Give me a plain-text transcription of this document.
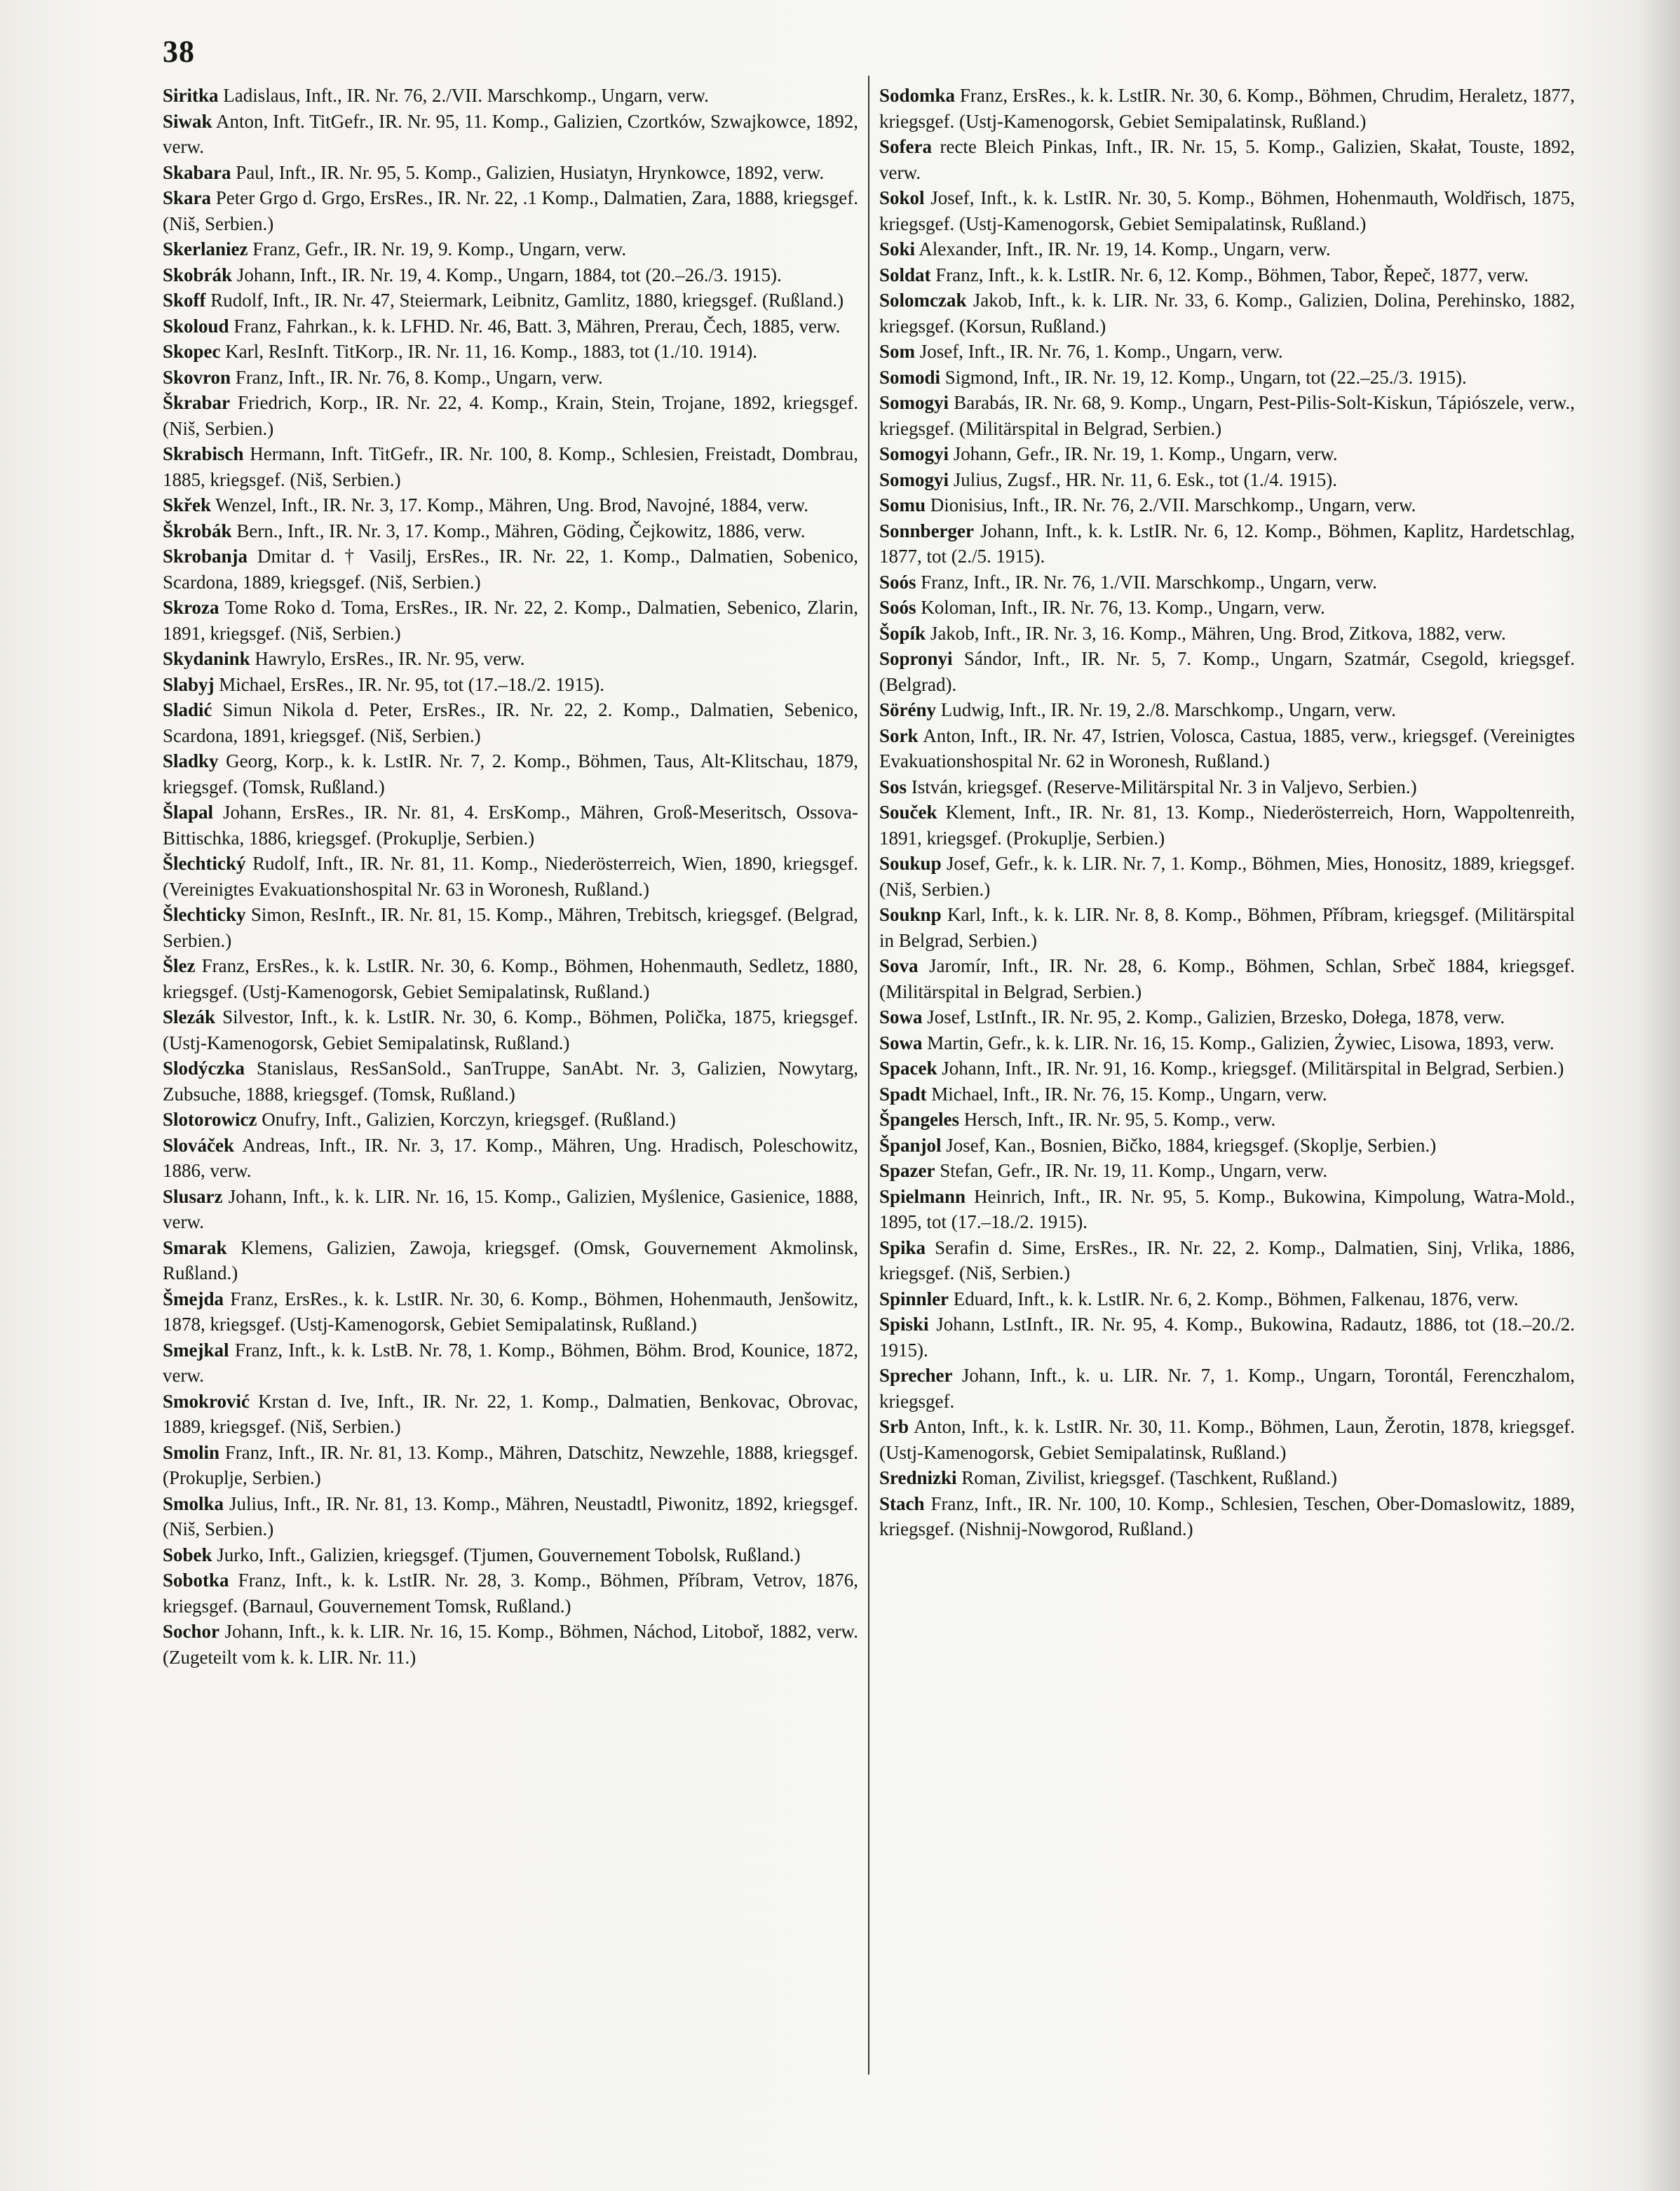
38

Siritka Ladislaus, Inft., IR. Nr. 76, 2./VII. Marschkomp., Ungarn, verw.

Siwak Anton, Inft. TitGefr., IR. Nr. 95, 11. Komp., Galizien, Czortków, Szwajkowce, 1892, verw.

Skabara Paul, Inft., IR. Nr. 95, 5. Komp., Galizien, Husiatyn, Hrynkowce, 1892, verw.

Skara Peter Grgo d. Grgo, ErsRes., IR. Nr. 22, .1 Komp., Dalmatien, Zara, 1888, kriegsgef. (Niš, Serbien.)

Skerlaniez Franz, Gefr., IR. Nr. 19, 9. Komp., Ungarn, verw.

Skobrák Johann, Inft., IR. Nr. 19, 4. Komp., Ungarn, 1884, tot (20.–26./3. 1915).

Skoff Rudolf, Inft., IR. Nr. 47, Steiermark, Leibnitz, Gamlitz, 1880, kriegsgef. (Rußland.)

Skoloud Franz, Fahrkan., k. k. LFHD. Nr. 46, Batt. 3, Mähren, Prerau, Čech, 1885, verw.

Skopec Karl, ResInft. TitKorp., IR. Nr. 11, 16. Komp., 1883, tot (1./10. 1914).

Skovron Franz, Inft., IR. Nr. 76, 8. Komp., Ungarn, verw.

Škrabar Friedrich, Korp., IR. Nr. 22, 4. Komp., Krain, Stein, Trojane, 1892, kriegsgef. (Niš, Serbien.)

Skrabisch Hermann, Inft. TitGefr., IR. Nr. 100, 8. Komp., Schlesien, Freistadt, Dombrau, 1885, kriegsgef. (Niš, Serbien.)

Skřek Wenzel, Inft., IR. Nr. 3, 17. Komp., Mähren, Ung. Brod, Navojné, 1884, verw.

Škrobák Bern., Inft., IR. Nr. 3, 17. Komp., Mähren, Göding, Čejkowitz, 1886, verw.

Skrobanja Dmitar d. † Vasilj, ErsRes., IR. Nr. 22, 1. Komp., Dalmatien, Sobenico, Scardona, 1889, kriegsgef. (Niš, Serbien.)

Skroza Tome Roko d. Toma, ErsRes., IR. Nr. 22, 2. Komp., Dalmatien, Sebenico, Zlarin, 1891, kriegsgef. (Niš, Serbien.)

Skydanink Hawrylo, ErsRes., IR. Nr. 95, verw.

Slabyj Michael, ErsRes., IR. Nr. 95, tot (17.–18./2. 1915).

Sladić Simun Nikola d. Peter, ErsRes., IR. Nr. 22, 2. Komp., Dalmatien, Sebenico, Scardona, 1891, kriegsgef. (Niš, Serbien.)

Sladky Georg, Korp., k. k. LstIR. Nr. 7, 2. Komp., Böhmen, Taus, Alt-Klitschau, 1879, kriegsgef. (Tomsk, Rußland.)

Šlapal Johann, ErsRes., IR. Nr. 81, 4. ErsKomp., Mähren, Groß-Meseritsch, Ossova-Bittischka, 1886, kriegsgef. (Prokuplje, Serbien.)

Šlechtický Rudolf, Inft., IR. Nr. 81, 11. Komp., Niederösterreich, Wien, 1890, kriegsgef. (Vereinigtes Evakuationshospital Nr. 63 in Woronesh, Rußland.)

Šlechticky Simon, ResInft., IR. Nr. 81, 15. Komp., Mähren, Trebitsch, kriegsgef. (Belgrad, Serbien.)

Šlez Franz, ErsRes., k. k. LstIR. Nr. 30, 6. Komp., Böhmen, Hohenmauth, Sedletz, 1880, kriegsgef. (Ustj-Kamenogorsk, Gebiet Semipalatinsk, Rußland.)

Slezák Silvestor, Inft., k. k. LstIR. Nr. 30, 6. Komp., Böhmen, Polička, 1875, kriegsgef. (Ustj-Kamenogorsk, Gebiet Semipalatinsk, Rußland.)

Slodýczka Stanislaus, ResSanSold., SanTruppe, SanAbt. Nr. 3, Galizien, Nowytarg, Zubsuche, 1888, kriegsgef. (Tomsk, Rußland.)

Slotorowicz Onufry, Inft., Galizien, Korczyn, kriegsgef. (Rußland.)

Slováček Andreas, Inft., IR. Nr. 3, 17. Komp., Mähren, Ung. Hradisch, Poleschowitz, 1886, verw.

Slusarz Johann, Inft., k. k. LIR. Nr. 16, 15. Komp., Galizien, Myślenice, Gasienice, 1888, verw.

Smarak Klemens, Galizien, Zawoja, kriegsgef. (Omsk, Gouvernement Akmolinsk, Rußland.)

Šmejda Franz, ErsRes., k. k. LstIR. Nr. 30, 6. Komp., Böhmen, Hohenmauth, Jenšowitz, 1878, kriegsgef. (Ustj-Kamenogorsk, Gebiet Semipalatinsk, Rußland.)

Smejkal Franz, Inft., k. k. LstB. Nr. 78, 1. Komp., Böhmen, Böhm. Brod, Kounice, 1872, verw.

Smokrović Krstan d. Ive, Inft., IR. Nr. 22, 1. Komp., Dalmatien, Benkovac, Obrovac, 1889, kriegsgef. (Niš, Serbien.)

Smolin Franz, Inft., IR. Nr. 81, 13. Komp., Mähren, Datschitz, Newzehle, 1888, kriegsgef. (Prokuplje, Serbien.)

Smolka Julius, Inft., IR. Nr. 81, 13. Komp., Mähren, Neustadtl, Piwonitz, 1892, kriegsgef. (Niš, Serbien.)

Sobek Jurko, Inft., Galizien, kriegsgef. (Tjumen, Gouvernement Tobolsk, Rußland.)

Sobotka Franz, Inft., k. k. LstIR. Nr. 28, 3. Komp., Böhmen, Příbram, Vetrov, 1876, kriegsgef. (Barnaul, Gouvernement Tomsk, Rußland.)

Sochor Johann, Inft., k. k. LIR. Nr. 16, 15. Komp., Böhmen, Náchod, Litoboř, 1882, verw. (Zugeteilt vom k. k. LIR. Nr. 11.)

Sodomka Franz, ErsRes., k. k. LstIR. Nr. 30, 6. Komp., Böhmen, Chrudim, Heraletz, 1877, kriegsgef. (Ustj-Kamenogorsk, Gebiet Semipalatinsk, Rußland.)

Sofera recte Bleich Pinkas, Inft., IR. Nr. 15, 5. Komp., Galizien, Skałat, Touste, 1892, verw.

Sokol Josef, Inft., k. k. LstIR. Nr. 30, 5. Komp., Böhmen, Hohenmauth, Woldřisch, 1875, kriegsgef. (Ustj-Kamenogorsk, Gebiet Semipalatinsk, Rußland.)

Soki Alexander, Inft., IR. Nr. 19, 14. Komp., Ungarn, verw.

Soldat Franz, Inft., k. k. LstIR. Nr. 6, 12. Komp., Böhmen, Tabor, Řepeč, 1877, verw.

Solomczak Jakob, Inft., k. k. LIR. Nr. 33, 6. Komp., Galizien, Dolina, Perehinsko, 1882, kriegsgef. (Korsun, Rußland.)

Som Josef, Inft., IR. Nr. 76, 1. Komp., Ungarn, verw.

Somodi Sigmond, Inft., IR. Nr. 19, 12. Komp., Ungarn, tot (22.–25./3. 1915).

Somogyi Barabás, IR. Nr. 68, 9. Komp., Ungarn, Pest-Pilis-Solt-Kiskun, Tápiószele, verw., kriegsgef. (Militärspital in Belgrad, Serbien.)

Somogyi Johann, Gefr., IR. Nr. 19, 1. Komp., Ungarn, verw.

Somogyi Julius, Zugsf., HR. Nr. 11, 6. Esk., tot (1./4. 1915).

Somu Dionisius, Inft., IR. Nr. 76, 2./VII. Marschkomp., Ungarn, verw.

Sonnberger Johann, Inft., k. k. LstIR. Nr. 6, 12. Komp., Böhmen, Kaplitz, Hardetschlag, 1877, tot (2./5. 1915).

Soós Franz, Inft., IR. Nr. 76, 1./VII. Marschkomp., Ungarn, verw.

Soós Koloman, Inft., IR. Nr. 76, 13. Komp., Ungarn, verw.

Šopík Jakob, Inft., IR. Nr. 3, 16. Komp., Mähren, Ung. Brod, Zitkova, 1882, verw.

Sopronyi Sándor, Inft., IR. Nr. 5, 7. Komp., Ungarn, Szatmár, Csegold, kriegsgef. (Belgrad).

Sörény Ludwig, Inft., IR. Nr. 19, 2./8. Marschkomp., Ungarn, verw.

Sork Anton, Inft., IR. Nr. 47, Istrien, Volosca, Castua, 1885, verw., kriegsgef. (Vereinigtes Evakuationshospital Nr. 62 in Woronesh, Rußland.)

Sos István, kriegsgef. (Reserve-Militärspital Nr. 3 in Valjevo, Serbien.)

Souček Klement, Inft., IR. Nr. 81, 13. Komp., Niederösterreich, Horn, Wappoltenreith, 1891, kriegsgef. (Prokuplje, Serbien.)

Soukup Josef, Gefr., k. k. LIR. Nr. 7, 1. Komp., Böhmen, Mies, Honositz, 1889, kriegsgef. (Niš, Serbien.)

Souknp Karl, Inft., k. k. LIR. Nr. 8, 8. Komp., Böhmen, Příbram, kriegsgef. (Militärspital in Belgrad, Serbien.)

Sova Jaromír, Inft., IR. Nr. 28, 6. Komp., Böhmen, Schlan, Srbeč 1884, kriegsgef. (Militärspital in Belgrad, Serbien.)

Sowa Josef, LstInft., IR. Nr. 95, 2. Komp., Galizien, Brzesko, Dołega, 1878, verw.

Sowa Martin, Gefr., k. k. LIR. Nr. 16, 15. Komp., Galizien, Żywiec, Lisowa, 1893, verw.

Spacek Johann, Inft., IR. Nr. 91, 16. Komp., kriegsgef. (Militärspital in Belgrad, Serbien.)

Spadt Michael, Inft., IR. Nr. 76, 15. Komp., Ungarn, verw.

Špangeles Hersch, Inft., IR. Nr. 95, 5. Komp., verw.

Španjol Josef, Kan., Bosnien, Bičko, 1884, kriegsgef. (Skoplje, Serbien.)

Spazer Stefan, Gefr., IR. Nr. 19, 11. Komp., Ungarn, verw.

Spielmann Heinrich, Inft., IR. Nr. 95, 5. Komp., Bukowina, Kimpolung, Watra-Mold., 1895, tot (17.–18./2. 1915).

Spika Serafin d. Sime, ErsRes., IR. Nr. 22, 2. Komp., Dalmatien, Sinj, Vrlika, 1886, kriegsgef. (Niš, Serbien.)

Spinnler Eduard, Inft., k. k. LstIR. Nr. 6, 2. Komp., Böhmen, Falkenau, 1876, verw.

Spiski Johann, LstInft., IR. Nr. 95, 4. Komp., Bukowina, Radautz, 1886, tot (18.–20./2. 1915).

Sprecher Johann, Inft., k. u. LIR. Nr. 7, 1. Komp., Ungarn, Torontál, Ferenczhalom, kriegsgef.

Srb Anton, Inft., k. k. LstIR. Nr. 30, 11. Komp., Böhmen, Laun, Žerotin, 1878, kriegsgef. (Ustj-Kamenogorsk, Gebiet Semipalatinsk, Rußland.)

Srednizki Roman, Zivilist, kriegsgef. (Taschkent, Rußland.)

Stach Franz, Inft., IR. Nr. 100, 10. Komp., Schlesien, Teschen, Ober-Domaslowitz, 1889, kriegsgef. (Nishnij-Nowgorod, Rußland.)
